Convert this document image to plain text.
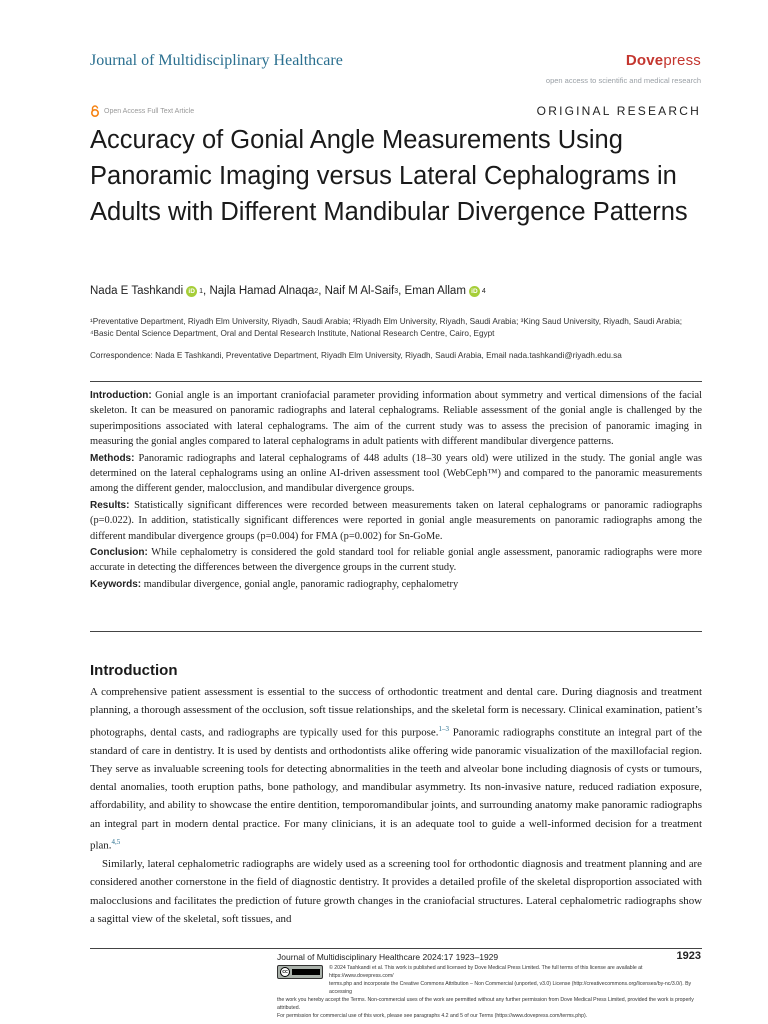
Journal of Multidisciplinary Healthcare	Dovepress
open access to scientific and medical research
Open Access Full Text Article	ORIGINAL RESEARCH
Accuracy of Gonial Angle Measurements Using Panoramic Imaging versus Lateral Cephalograms in Adults with Different Mandibular Divergence Patterns
Nada E Tashkandi iD 1 , Najla Hamad Alnaqa 2 , Naif M Al-Saif 3 , Eman Allam iD 4
¹Preventative Department, Riyadh Elm University, Riyadh, Saudi Arabia; ²Riyadh Elm University, Riyadh, Saudi Arabia; ³King Saud University, Riyadh, Saudi Arabia; ⁴Basic Dental Science Department, Oral and Dental Research Institute, National Research Centre, Cairo, Egypt
Correspondence: Nada E Tashkandi, Preventative Department, Riyadh Elm University, Riyadh, Saudi Arabia, Email nada.tashkandi@riyadh.edu.sa

Introduction: Gonial angle is an important craniofacial parameter providing information about symmetry and vertical dimensions of the facial skeleton. It can be measured on panoramic radiographs and lateral cephalograms. Reliable assessment of the gonial angle is challenged by the superimpositions associated with lateral cephalograms. The aim of the current study was to assess the precision of panoramic imaging in measuring the gonial angles compared to lateral cephalograms in adult patients with different mandibular divergence patterns.

Methods: Panoramic radiographs and lateral cephalograms of 448 adults (18–30 years old) were utilized in the study. The gonial angle was determined on the lateral cephalograms using an online AI-driven assessment tool (WebCeph™) and compared to the panoramic measurements among the different gender, malocclusion, and mandibular divergence groups.

Results: Statistically significant differences were recorded between measurements taken on lateral cephalograms or panoramic radiographs (p=0.022). In addition, statistically significant differences were reported in gonial angle measurements on panoramic radiographs among the different mandibular divergence groups (p=0.004) for FMA (p=0.002) for Sn-GoMe.

Conclusion: While cephalometry is considered the gold standard tool for reliable gonial angle assessment, panoramic radiographs were more accurate in detecting the differences between the divergence groups in the current study.

Keywords: mandibular divergence, gonial angle, panoramic radiography, cephalometry

Introduction

A comprehensive patient assessment is essential to the success of orthodontic treatment and dental care. During diagnosis and treatment planning, a thorough assessment of the occlusion, soft tissue relationships, and the skeletal form is necessary. Clinical examination, patient’s photographs, dental casts, and radiographs are typically used for this purpose.$^{1-3}$ Panoramic radiographs constitute an integral part of the standard of care in dentistry. It is used by dentists and orthodontists alike offering wide panoramic visualization of the maxillofacial region. They serve as invaluable screening tools for detecting abnormalities in the teeth and alveolar bone including diagnosis of cysts or tumours, dental anomalies, tooth eruption paths, bone pathology, and mandibular asymmetry. Its non-invasive nature, reduced radiation exposure, affordability, and ability to showcase the entire dentition, temporomandibular joints, and surrounding anatomy make panoramic radiographs an integral part in modern dental practice. For many clinicians, it is an adequate tool to guide a well-informed decision for a treatment plan.$^{4,5}$

Similarly, lateral cephalometric radiographs are widely used as a screening tool for orthodontic diagnosis and treatment planning and are considered another cornerstone in the field of diagnostic dentistry. It provides a detailed profile of the skeletal disproportion associated with malocclusions and facilitates the prediction of future growth changes in the craniofacial structures. Lateral cephalometric radiographs show a sagittal view of the skeletal, soft tissues, and

Journal of Multidisciplinary Healthcare 2024:17 1923–1929	1923
cc
© 2024 Tashkandi et al. This work is published and licensed by Dove Medical Press Limited. The full terms of this license are available at https://www.dovepress.com/
terms.php and incorporate the Creative Commons Attribution – Non Commercial (unported, v3.0) License (http://creativecommons.org/licenses/by-nc/3.0/). By accessing
the work you hereby accept the Terms. Non-commercial uses of the work are permitted without any further permission from Dove Medical Press Limited, provided the work is properly attributed.
For permission for commercial use of this work, please see paragraphs 4.2 and 5 of our Terms (https://www.dovepress.com/terms.php).
